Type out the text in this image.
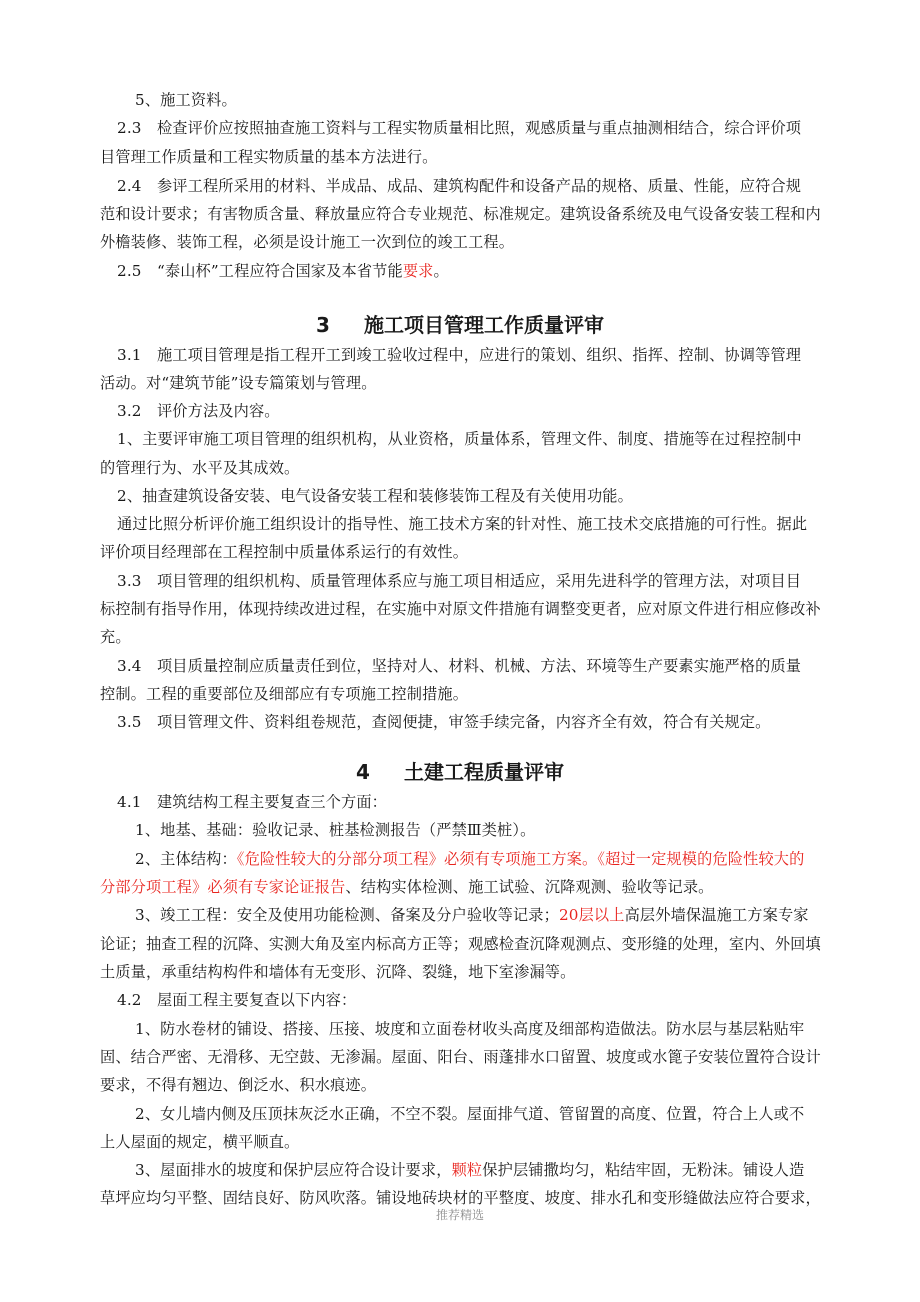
5、施工资料。
2.3　检查评价应按照抽查施工资料与工程实物质量相比照，观感质量与重点抽测相结合，综合评价项
目管理工作质量和工程实物质量的基本方法进行。
2.4　参评工程所采用的材料、半成品、成品、建筑构配件和设备产品的规格、质量、性能，应符合规
范和设计要求；有害物质含量、释放量应符合专业规范、标准规定。建筑设备系统及电气设备安装工程和内
外檐装修、装饰工程，必须是设计施工一次到位的竣工工程。
2.5　“泰山杯”工程应符合国家及本省节能要求。
3 施工项目管理工作质量评审
3.1　施工项目管理是指工程开工到竣工验收过程中，应进行的策划、组织、指挥、控制、协调等管理
活动。对“建筑节能”设专篇策划与管理。
3.2　评价方法及内容。
1、主要评审施工项目管理的组织机构，从业资格，质量体系，管理文件、制度、措施等在过程控制中
的管理行为、水平及其成效。
2、抽查建筑设备安装、电气设备安装工程和装修装饰工程及有关使用功能。
通过比照分析评价施工组织设计的指导性、施工技术方案的针对性、施工技术交底措施的可行性。据此
评价项目经理部在工程控制中质量体系运行的有效性。
3.3　项目管理的组织机构、质量管理体系应与施工项目相适应，采用先进科学的管理方法，对项目目
标控制有指导作用，体现持续改进过程，在实施中对原文件措施有调整变更者，应对原文件进行相应修改补
充。
3.4　项目质量控制应质量责任到位，坚持对人、材料、机械、方法、环境等生产要素实施严格的质量
控制。工程的重要部位及细部应有专项施工控制措施。
3.5　项目管理文件、资料组卷规范，查阅便捷，审签手续完备，内容齐全有效，符合有关规定。
4 土建工程质量评审
4.1　建筑结构工程主要复查三个方面：
1、地基、基础：验收记录、桩基检测报告（严禁Ⅲ类桩）。
2、主体结构：《危险性较大的分部分项工程》必须有专项施工方案。《超过一定规模的危险性较大的
分部分项工程》必须有专家论证报告、结构实体检测、施工试验、沉降观测、验收等记录。
3、竣工工程：安全及使用功能检测、备案及分户验收等记录；20层以上高层外墙保温施工方案专家
论证；抽查工程的沉降、实测大角及室内标高方正等；观感检查沉降观测点、变形缝的处理，室内、外回填
土质量，承重结构构件和墙体有无变形、沉降、裂缝，地下室渗漏等。
4.2　屋面工程主要复查以下内容：
1、防水卷材的铺设、搭接、压接、坡度和立面卷材收头高度及细部构造做法。防水层与基层粘贴牢
固、结合严密、无滑移、无空鼓、无渗漏。屋面、阳台、雨蓬排水口留置、坡度或水篦子安装位置符合设计
要求，不得有翘边、倒泛水、积水痕迹。
2、女儿墙内侧及压顶抹灰泛水正确，不空不裂。屋面排气道、管留置的高度、位置，符合上人或不
上人屋面的规定，横平顺直。
3、屋面排水的坡度和保护层应符合设计要求，颗粒保护层铺撒均匀，粘结牢固，无粉沫。铺设人造
草坪应均匀平整、固结良好、防风吹落。铺设地砖块材的平整度、坡度、排水孔和变形缝做法应符合要求，
推荐精选
